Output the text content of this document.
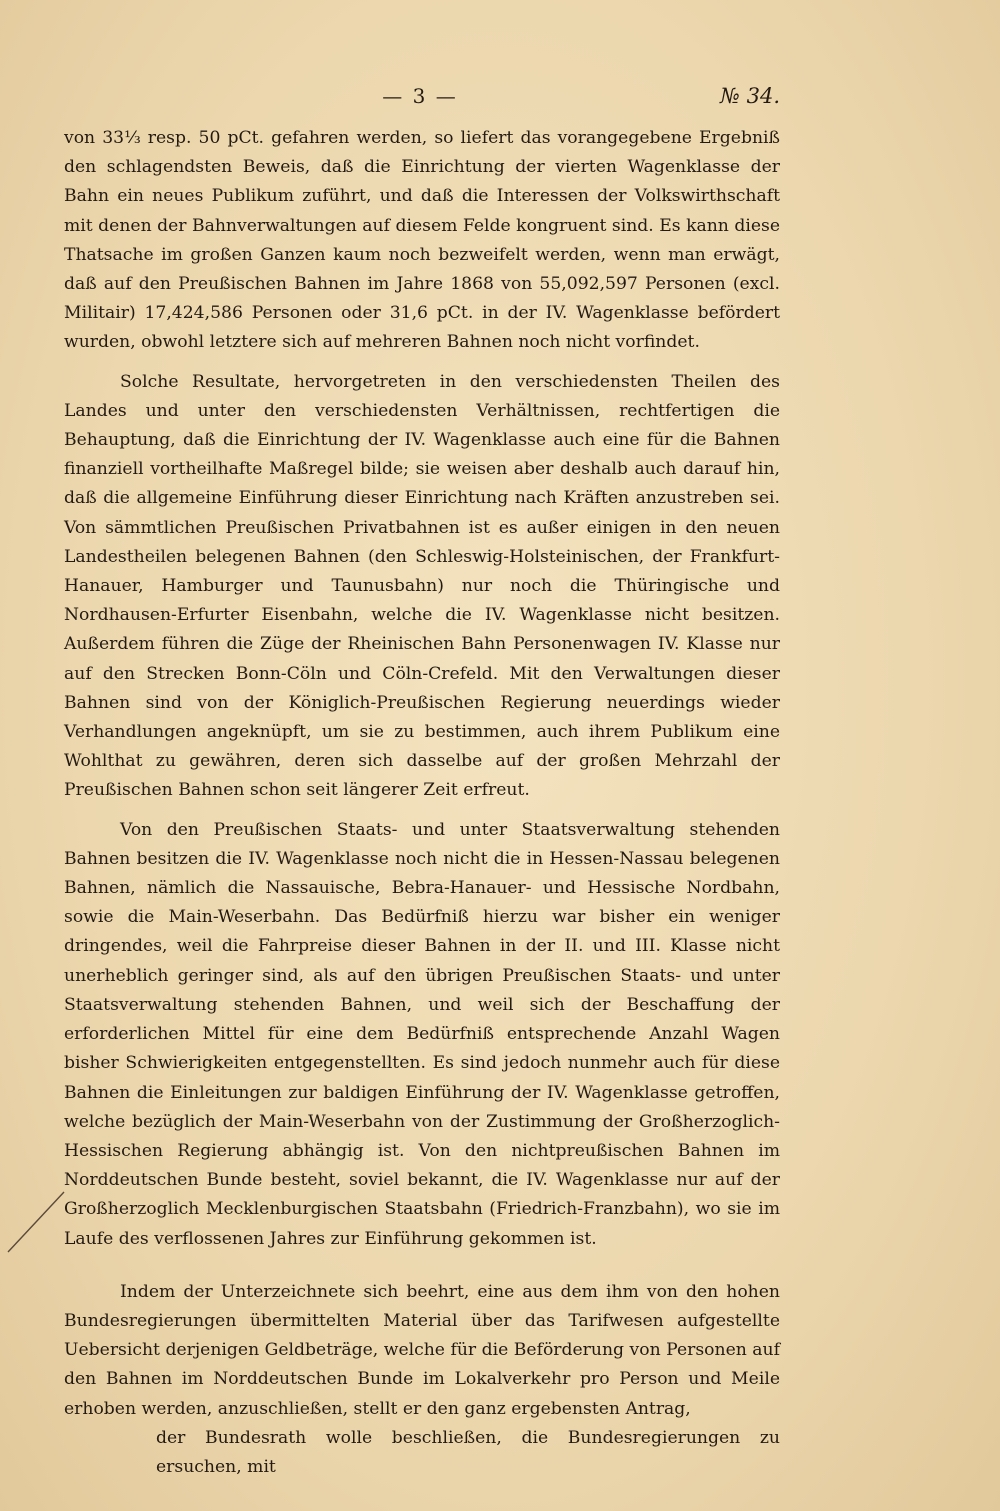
— 3 —	№ 34.

von 33⅓ resp. 50 pCt. gefahren werden, so liefert das vorangegebene Ergebniß den schlagendsten Beweis, daß die Einrichtung der vierten Wagenklasse der Bahn ein neues Publikum zuführt, und daß die Interessen der Volkswirthschaft mit denen der Bahnverwaltungen auf diesem Felde kongruent sind. Es kann diese Thatsache im großen Ganzen kaum noch bezweifelt werden, wenn man erwägt, daß auf den Preußischen Bahnen im Jahre 1868 von 55,092,597 Personen (excl. Militair) 17,424,586 Personen oder 31,6 pCt. in der IV. Wagenklasse befördert wurden, obwohl letztere sich auf mehreren Bahnen noch nicht vorfindet.

Solche Resultate, hervorgetreten in den verschiedensten Theilen des Landes und unter den verschiedensten Verhältnissen, rechtfertigen die Behauptung, daß die Einrichtung der IV. Wagenklasse auch eine für die Bahnen finanziell vortheilhafte Maßregel bilde; sie weisen aber deshalb auch darauf hin, daß die allgemeine Einführung dieser Einrichtung nach Kräften anzustreben sei. Von sämmtlichen Preußischen Privatbahnen ist es außer einigen in den neuen Landestheilen belegenen Bahnen (den Schleswig-Holsteinischen, der Frankfurt-Hanauer, Hamburger und Taunusbahn) nur noch die Thüringische und Nordhausen-Erfurter Eisenbahn, welche die IV. Wagenklasse nicht besitzen. Außerdem führen die Züge der Rheinischen Bahn Personenwagen IV. Klasse nur auf den Strecken Bonn-Cöln und Cöln-Crefeld. Mit den Verwaltungen dieser Bahnen sind von der Königlich-Preußischen Regierung neuerdings wieder Verhandlungen angeknüpft, um sie zu bestimmen, auch ihrem Publikum eine Wohlthat zu gewähren, deren sich dasselbe auf der großen Mehrzahl der Preußischen Bahnen schon seit längerer Zeit erfreut.

Von den Preußischen Staats- und unter Staatsverwaltung stehenden Bahnen besitzen die IV. Wagenklasse noch nicht die in Hessen-Nassau belegenen Bahnen, nämlich die Nassauische, Bebra-Hanauer- und Hessische Nordbahn, sowie die Main-Weserbahn. Das Bedürfniß hierzu war bisher ein weniger dringendes, weil die Fahrpreise dieser Bahnen in der II. und III. Klasse nicht unerheblich geringer sind, als auf den übrigen Preußischen Staats- und unter Staatsverwaltung stehenden Bahnen, und weil sich der Beschaffung der erforderlichen Mittel für eine dem Bedürfniß entsprechende Anzahl Wagen bisher Schwierigkeiten entgegenstellten. Es sind jedoch nunmehr auch für diese Bahnen die Einleitungen zur baldigen Einführung der IV. Wagenklasse getroffen, welche bezüglich der Main-Weserbahn von der Zustimmung der Großherzoglich-Hessischen Regierung abhängig ist. Von den nichtpreußischen Bahnen im Norddeutschen Bunde besteht, soviel bekannt, die IV. Wagenklasse nur auf der Großherzoglich Mecklenburgischen Staatsbahn (Friedrich-Franzbahn), wo sie im Laufe des verflossenen Jahres zur Einführung gekommen ist.

Indem der Unterzeichnete sich beehrt, eine aus dem ihm von den hohen Bundesregierungen übermittelten Material über das Tarifwesen aufgestellte Uebersicht derjenigen Geldbeträge, welche für die Beförderung von Personen auf den Bahnen im Norddeutschen Bunde im Lokalverkehr pro Person und Meile erhoben werden, anzuschließen, stellt er den ganz ergebensten Antrag,

der Bundesrath wolle beschließen, die Bundesregierungen zu ersuchen, mit
